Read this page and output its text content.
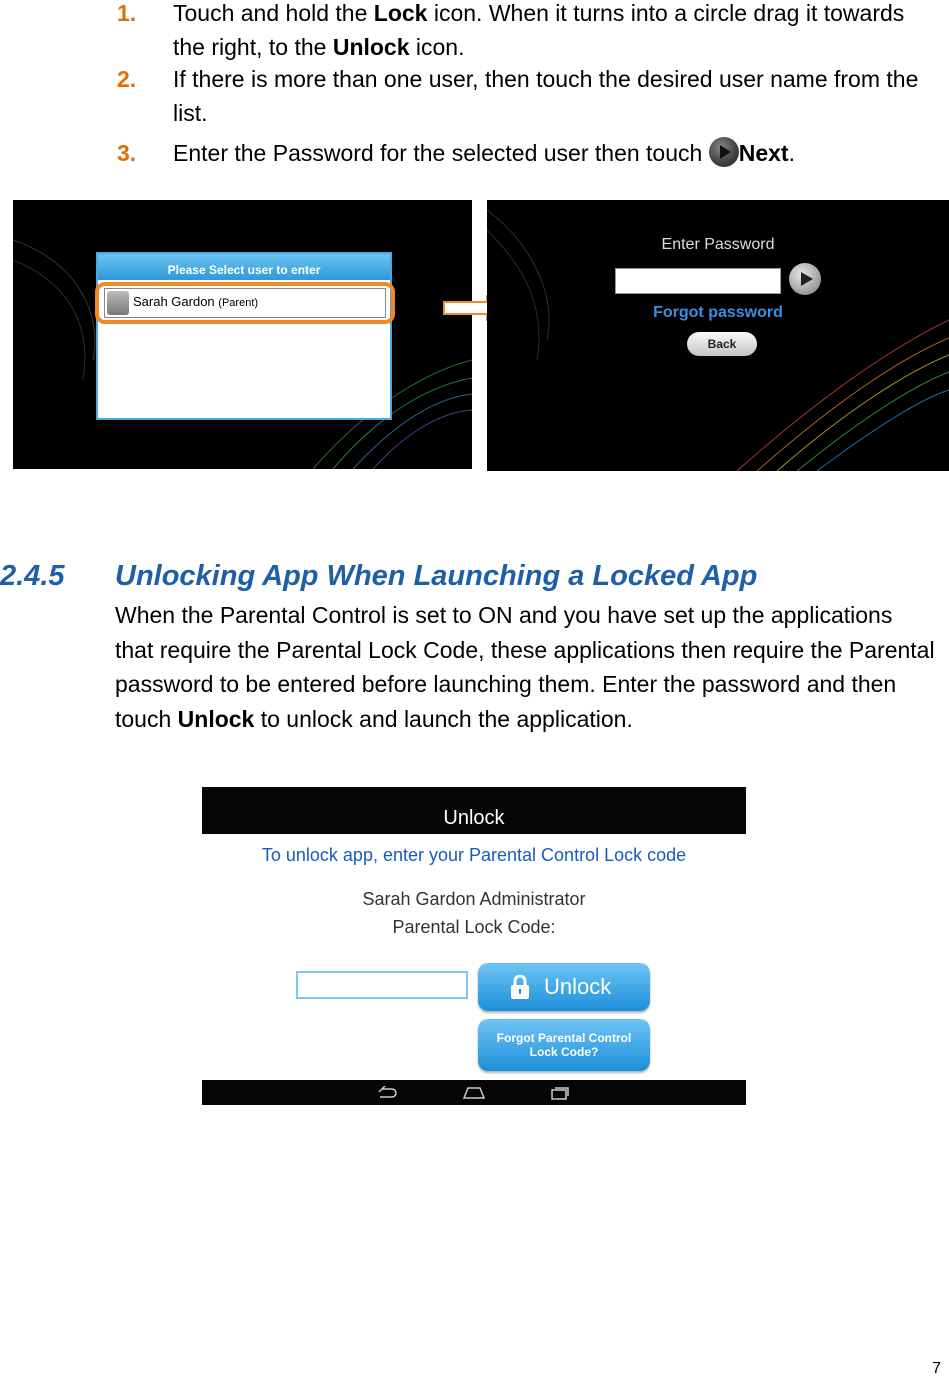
1. Touch and hold the Lock icon. When it turns into a circle drag it towards the right, to the Unlock icon.
2. If there is more than one user, then touch the desired user name from the list.
3. Enter the Password for the selected user then touch Next.
Please Select user to enter
Sarah Gardon (Parent)
Enter Password
Forgot password
Back
2.4.5 Unlocking App When Launching a Locked App
When the Parental Control is set to ON and you have set up the applications that require the Parental Lock Code, these applications then require the Parental password to be entered before launching them. Enter the password and then touch Unlock to unlock and launch the application.
Unlock
To unlock app, enter your Parental Control Lock code
Sarah Gardon Administrator
Parental Lock Code:
Unlock
Forgot Parental Control
Lock Code?
7
